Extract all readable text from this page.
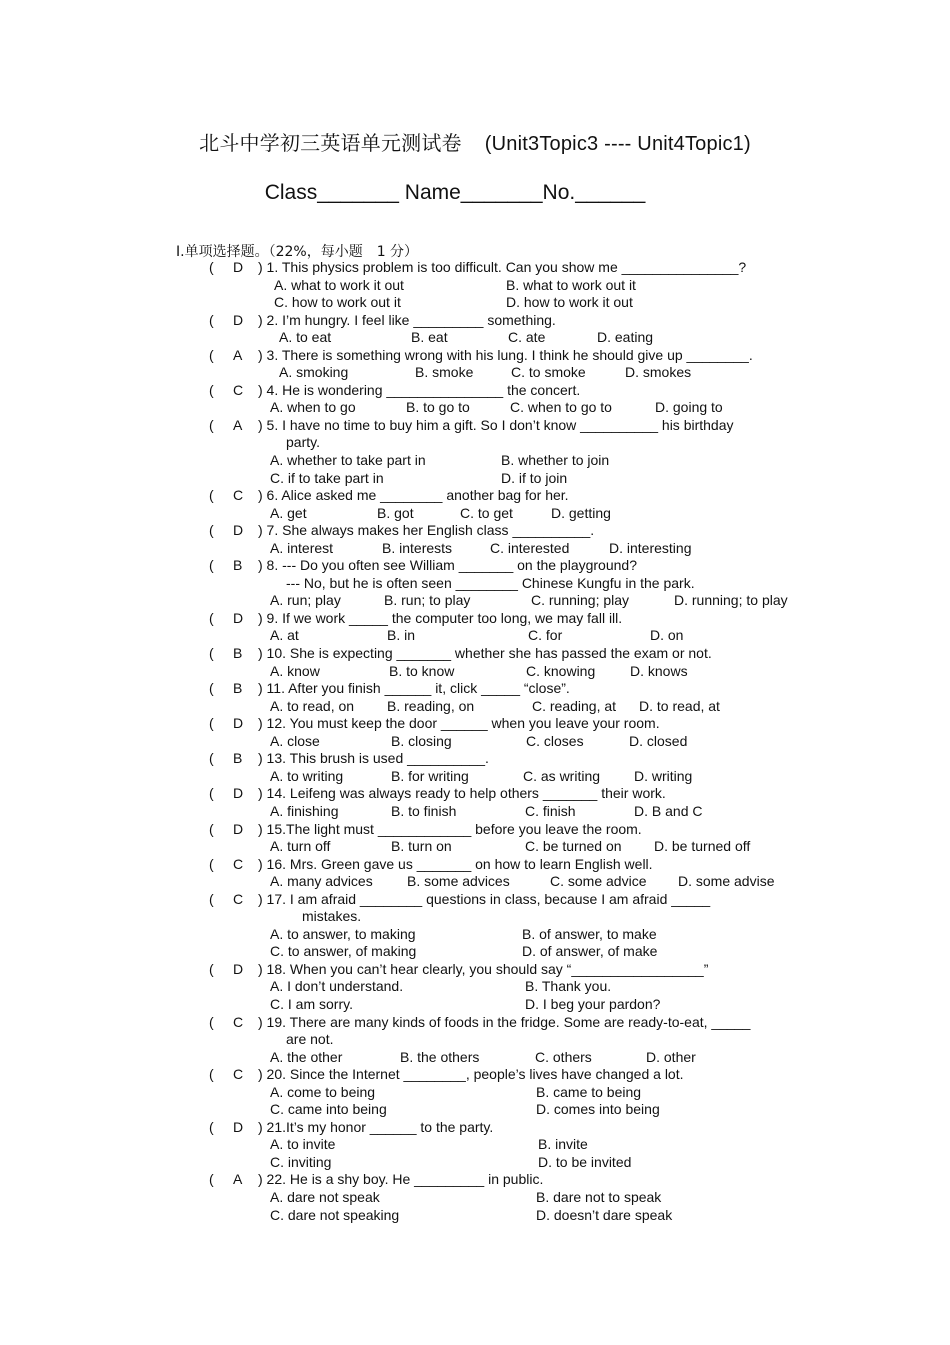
北斗中学初三英语单元测试卷 (Unit3Topic3 ---- Unit4Topic1)
Class_______ Name_______No.______
I.单项选择题。（22%，每小题　1 分）
( D ) 1. This physics problem is too difficult. Can you show me _______________?
A. what to work it out	B. what to work out it
C. how to work out it	D. how to work it out
( D ) 2. I’m hungry. I feel like _________ something.
A. to eat	B. eat	C. ate	D. eating
( A ) 3. There is something wrong with his lung. I think he should give up ________.
A. smoking	B. smoke	C. to smoke	D. smokes
( C ) 4. He is wondering _______________ the concert.
A. when to go	B. to go to	C. when to go to	D. going to
( A ) 5. I have no time to buy him a gift. So I don’t know __________ his birthday
party.
A. whether to take part in	B. whether to join
C. if to take part in	D. if to join
( C ) 6. Alice asked me ________ another bag for her.
A. get	B. got	C. to get	D. getting
( D ) 7. She always makes her English class __________.
A. interest	B. interests	C. interested	D. interesting
( B ) 8. --- Do you often see William _______ on the playground?
--- No, but he is often seen ________ Chinese Kungfu in the park.
A. run; play	B. run; to play	C. running; play	D. running; to play
( D ) 9. If we work _____ the computer too long, we may fall ill.
A. at	B. in	C. for	D. on
( B ) 10. She is expecting _______ whether she has passed the exam or not.
A. know	B. to know	C. knowing D. knows
( B ) 11. After you finish ______ it, click _____ “close”.
A. to read, on B. reading, on	C. reading, at D. to read, at
( D ) 12. You must keep the door ______ when you leave your room.
A. close	B. closing	C. closes	D. closed
( B ) 13. This brush is used __________.
A. to writing	B. for writing	C. as writing D. writing
( D ) 14. Leifeng was always ready to help others _______ their work.
A. finishing	B. to finish	C. finish	D. B and C
( D ) 15.The light must ____________ before you leave the room.
A. turn off	B. turn on	C. be turned on D. be turned off
( C ) 16. Mrs. Green gave us _______ on how to learn English well.
A. many advices B. some advices	C. some advice D. some advise
( C ) 17. I am afraid ________ questions in class, because I am afraid _____
mistakes.
A. to answer, to making	B. of answer, to make
C. to answer, of making	D. of answer, of make
( D ) 18. When you can’t hear clearly, you should say “_________________”
A. I don’t understand.	B. Thank you.
C. I am sorry.	D. I beg your pardon?
( C ) 19. There are many kinds of foods in the fridge. Some are ready-to-eat, _____
are not.
A. the other	B. the others	C. others	D. other
( C ) 20. Since the Internet ________, people’s lives have changed a lot.
A. come to being	B. came to being
C. came into being	D. comes into being
( D ) 21.It’s my honor ______ to the party.
A. to invite	B. invite
C. inviting	D. to be invited
( A ) 22. He is a shy boy. He _________ in public.
A. dare not speak	B. dare not to speak
C. dare not speaking	D. doesn’t dare speak
